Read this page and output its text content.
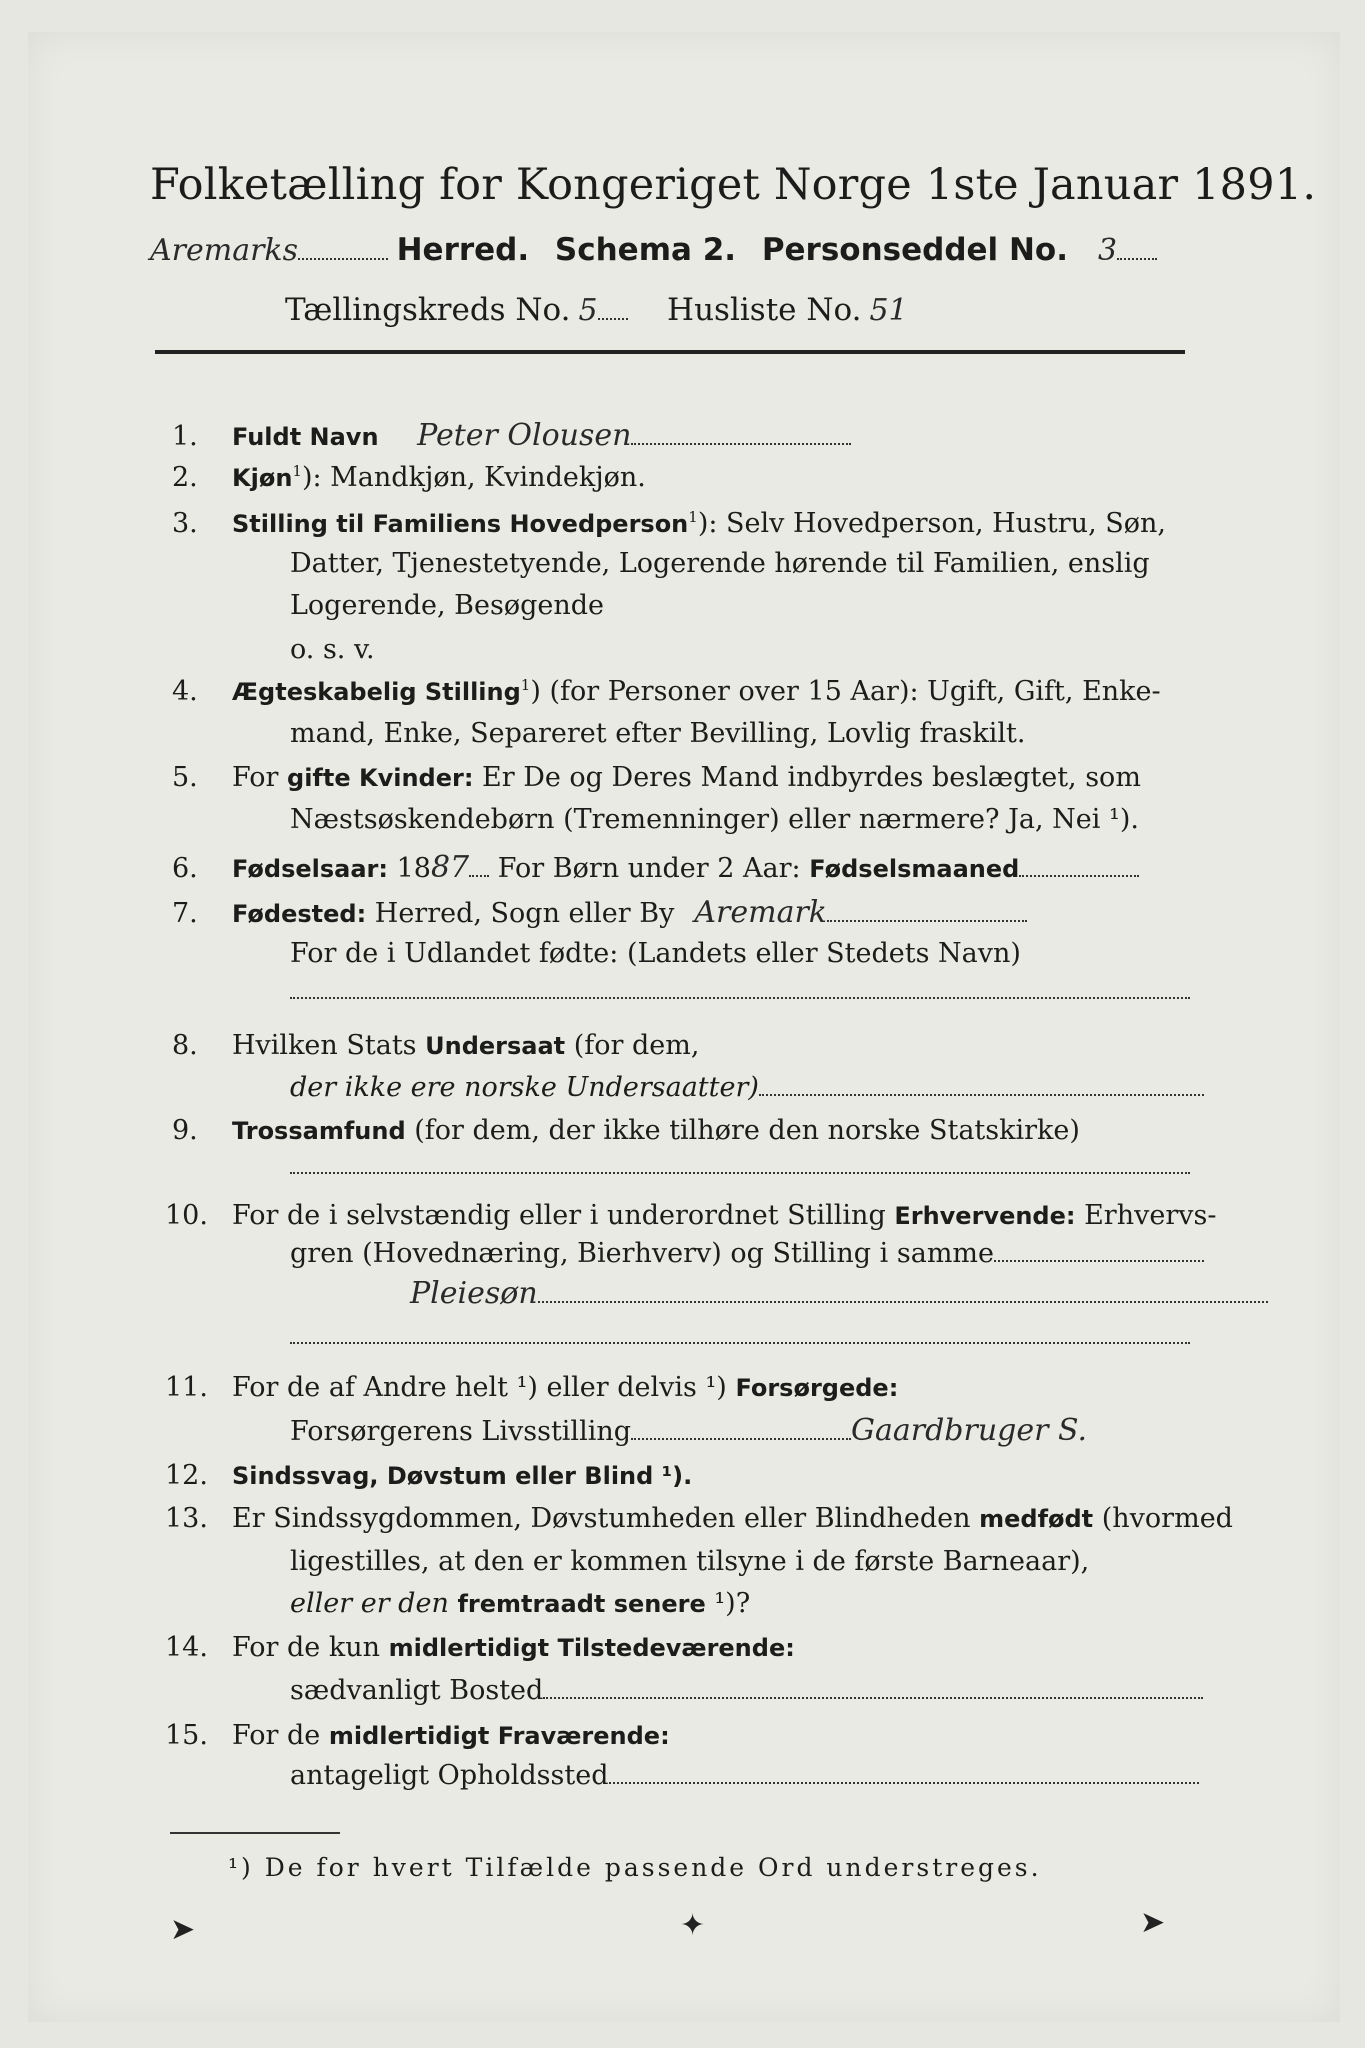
Folketælling for Kongeriget Norge 1ste Januar 1891.
Aremarks	Herred. Schema 2. Personseddel No. 3
Tællingskreds No. 5 Husliste No. 51
1. Fuldt Navn Peter Olousen
2. Kjøn$^1$): Mandkjøn, Kvindekjøn.
3. Stilling til Familiens Hovedperson$^1$): Selv Hovedperson, Hustru, Søn,
Datter, Tjenestetyende, Logerende hørende til Familien, enslig
Logerende, Besøgende
o. s. v.
4. Ægteskabelig Stilling$^1$) (for Personer over 15 Aar): Ugift, Gift, Enke-
mand, Enke, Separeret efter Bevilling, Lovlig fraskilt.
5. For gifte Kvinder: Er De og Deres Mand indbyrdes beslægtet, som
Næstsøskendebørn (Tremenninger) eller nærmere? Ja, Nei ¹).
6. Fødselsaar: 1887 For Børn under 2 Aar: Fødselsmaaned
7. Fødested: Herred, Sogn eller By Aremark
For de i Udlandet fødte: (Landets eller Stedets Navn)
8. Hvilken Stats Undersaat (for dem,
der ikke ere norske Undersaatter)
9. Trossamfund (for dem, der ikke tilhøre den norske Statskirke)
10. For de i selvstændig eller i underordnet Stilling Erhvervende: Erhvervs-
gren (Hovednæring, Bierhverv) og Stilling i samme
Pleiesøn
11. For de af Andre helt ¹) eller delvis ¹) Forsørgede:
Forsørgerens Livsstilling	Gaardbruger S.
12. Sindssvag, Døvstum eller Blind ¹).
13. Er Sindssygdommen, Døvstumheden eller Blindheden medfødt (hvormed
ligestilles, at den er kommen tilsyne i de første Barneaar),
eller er den fremtraadt senere ¹)?
14. For de kun midlertidigt Tilstedeværende:
sædvanligt Bosted
15. For de midlertidigt Fraværende:
antageligt Opholdssted
¹) De for hvert Tilfælde passende Ord understreges.
➤	✦	➤
